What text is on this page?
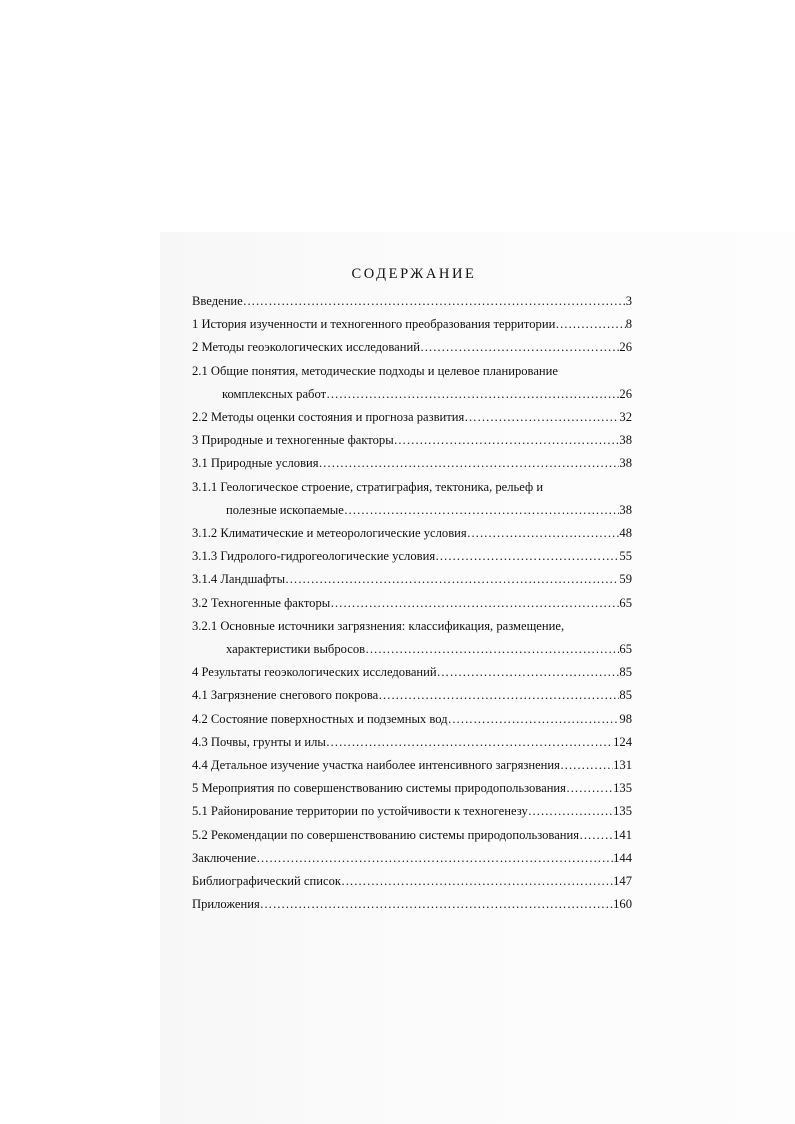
СОДЕРЖАНИЕ
Введение ………………………………………………………………………………………………………………………………………………	3
1 История изученности и техногенного преобразования территории ………………………………………………………………………………………………………………………………………………	8
2 Методы геоэкологических исследований ………………………………………………………………………………………………………………………………………………	26
2.1 Общие понятия, методические подходы и целевое планирование
комплексных работ ………………………………………………………………………………………………………………………………………………	26
2.2 Методы оценки состояния и прогноза развития ………………………………………………………………………………………………………………………………………………	32
3 Природные и техногенные факторы ………………………………………………………………………………………………………………………………………………	38
3.1 Природные условия ………………………………………………………………………………………………………………………………………………	38
3.1.1 Геологическое строение, стратиграфия, тектоника, рельеф и
полезные ископаемые ………………………………………………………………………………………………………………………………………………	38
3.1.2 Климатические и метеорологические условия ………………………………………………………………………………………………………………………………………………	48
3.1.3 Гидролого-гидрогеологические условия ………………………………………………………………………………………………………………………………………………	55
3.1.4 Ландшафты ………………………………………………………………………………………………………………………………………………	59
3.2 Техногенные факторы ………………………………………………………………………………………………………………………………………………	65
3.2.1 Основные источники загрязнения: классификация, размещение,
характеристики выбросов ………………………………………………………………………………………………………………………………………………	65
4 Результаты геоэкологических исследований ………………………………………………………………………………………………………………………………………………	85
4.1 Загрязнение снегового покрова ………………………………………………………………………………………………………………………………………………	85
4.2 Состояние поверхностных и подземных вод ………………………………………………………………………………………………………………………………………………	98
4.3 Почвы, грунты и илы ………………………………………………………………………………………………………………………………………………	124
4.4 Детальное изучение участка наиболее интенсивного загрязнения ………………………………………………………………………………………………………………………………………………	131
5 Мероприятия по совершенствованию системы природопользования ………………………………………………………………………………………………………………………………………………	135
5.1 Районирование территории по устойчивости к техногенезу ………………………………………………………………………………………………………………………………………………	135
5.2 Рекомендации по совершенствованию системы природопользования ………………………………………………………………………………………………………………………………………………	141
Заключение ………………………………………………………………………………………………………………………………………………	144
Библиографический список ………………………………………………………………………………………………………………………………………………	147
Приложения ………………………………………………………………………………………………………………………………………………	160
